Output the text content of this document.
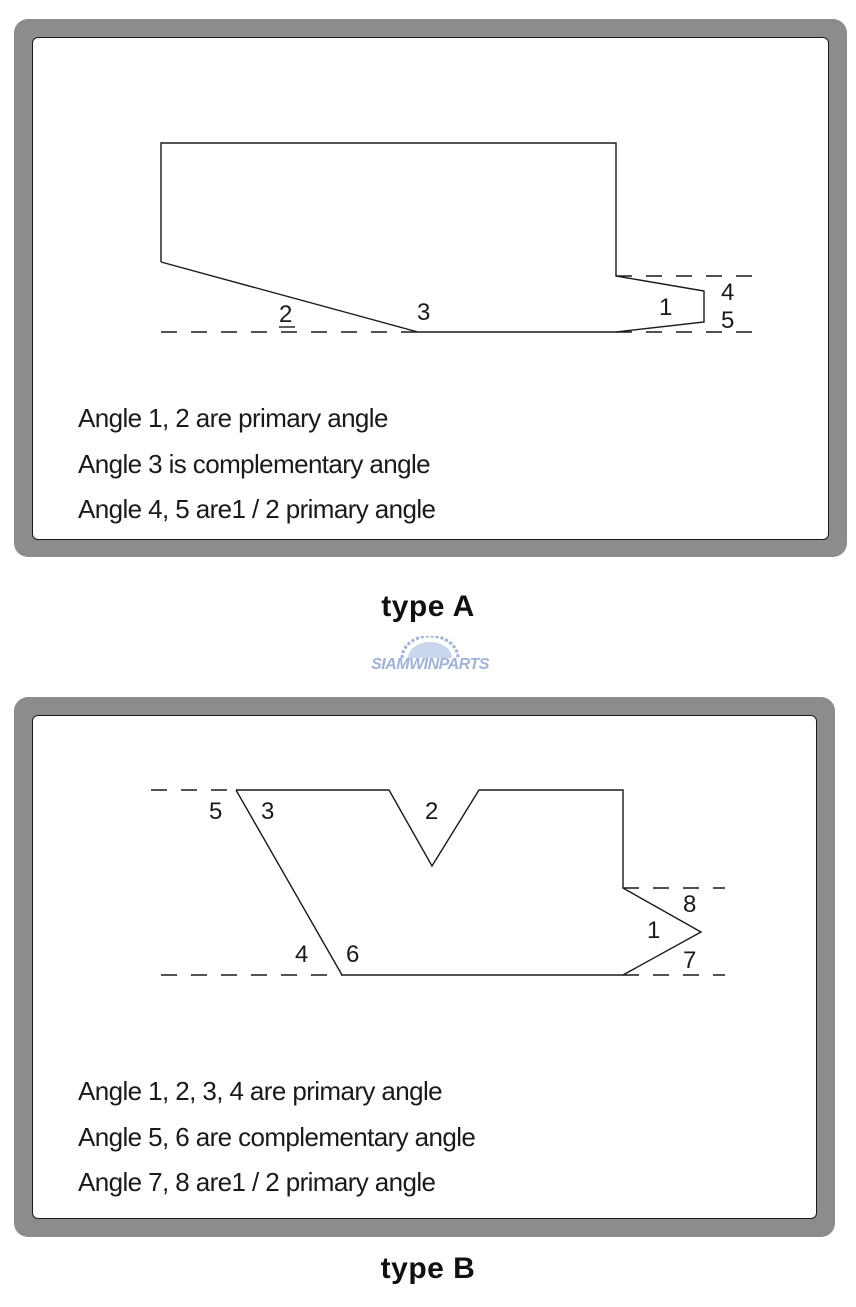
2	3	1
4
5
Angle 1, 2 are primary angle
Angle 3 is complementary angle
Angle 4, 5 are1 / 2 primary angle
type A
SIAMWINPARTS
5 3	2
8
1
4 6	7
Angle 1, 2, 3, 4 are primary angle
Angle 5, 6 are complementary angle
Angle 7, 8 are1 / 2 primary angle
type B
